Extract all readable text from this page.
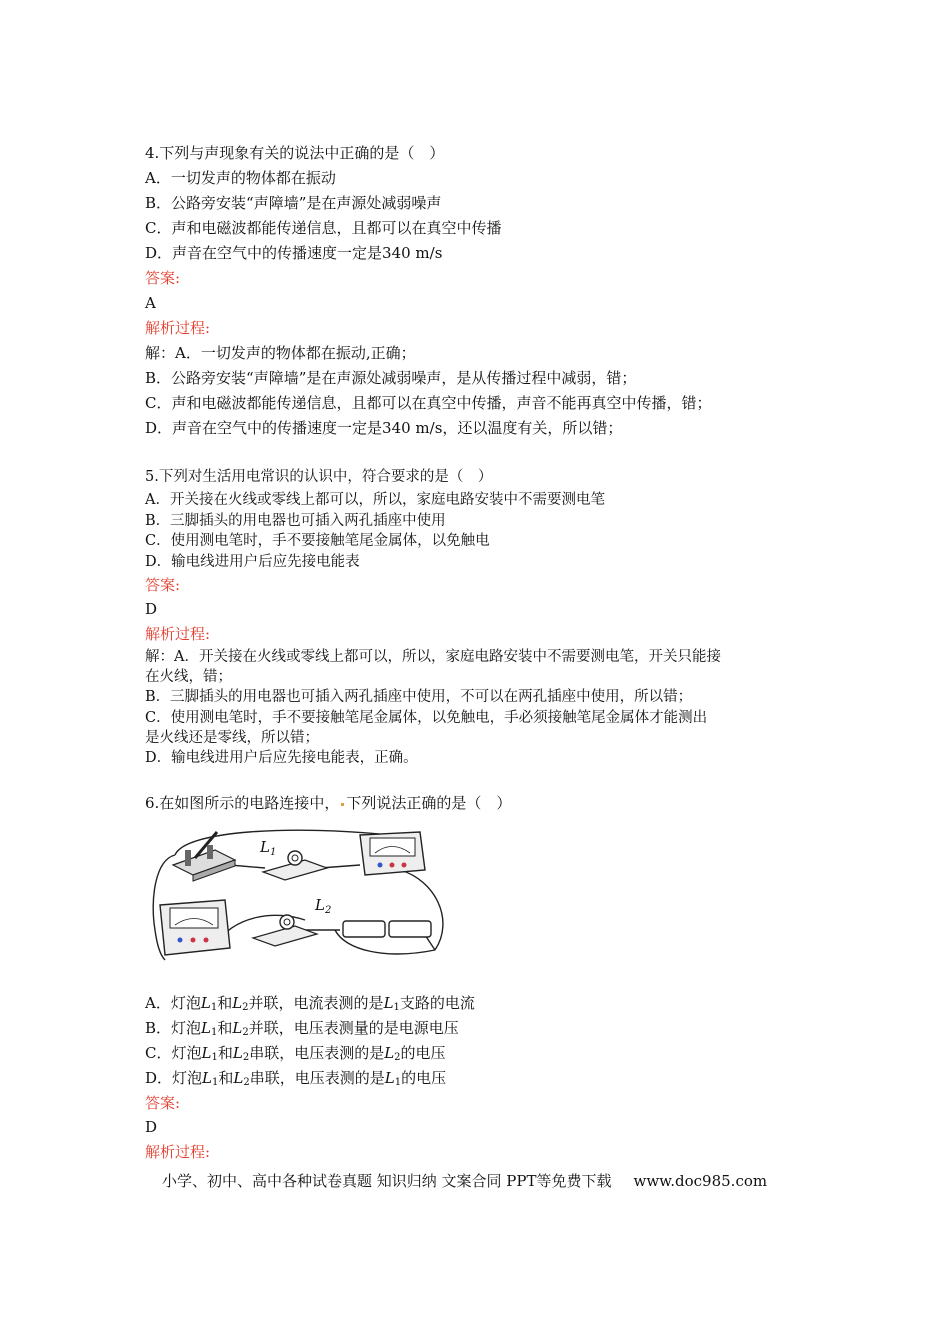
4.下列与声现象有关的说法中正确的是（　）
A．一切发声的物体都在振动
B．公路旁安装“声障墙”是在声源处减弱噪声
C．声和电磁波都能传递信息，且都可以在真空中传播
D．声音在空气中的传播速度一定是340 m/s
答案:
A
解析过程:
解：A．一切发声的物体都在振动,正确；
B．公路旁安装“声障墙”是在声源处减弱噪声，是从传播过程中减弱，错；
C．声和电磁波都能传递信息，且都可以在真空中传播，声音不能再真空中传播，错；
D．声音在空气中的传播速度一定是340 m/s，还以温度有关，所以错；
5.下列对生活用电常识的认识中，符合要求的是（　）
A．开关接在火线或零线上都可以，所以，家庭电路安装中不需要测电笔
B．三脚插头的用电器也可插入两孔插座中使用
C．使用测电笔时，手不要接触笔尾金属体，以免触电
D．输电线进用户后应先接电能表
答案:
D
解析过程:
解：A．开关接在火线或零线上都可以，所以，家庭电路安装中不需要测电笔，开关只能接
在火线，错；
B．三脚插头的用电器也可插入两孔插座中使用，不可以在两孔插座中使用，所以错；
C．使用测电笔时，手不要接触笔尾金属体，以免触电，手必须接触笔尾金属体才能测出
是火线还是零线，所以错；
D．输电线进用户后应先接电能表，正确。
6.在如图所示的电路连接中， 下列说法正确的是（　）
$L_1$
$L_2$
A．灯泡$L_1$和$L_2$并联，电流表测的是$L_1$支路的电流
B．灯泡$L_1$和$L_2$并联，电压表测量的是电源电压
C．灯泡$L_1$和$L_2$串联，电压表测的是$L_2$的电压
D．灯泡$L_1$和$L_2$串联，电压表测的是$L_1$的电压
答案:
D
解析过程:
小学、初中、高中各种试卷真题 知识归纳 文案合同 PPT等免费下载 www.doc985.com
